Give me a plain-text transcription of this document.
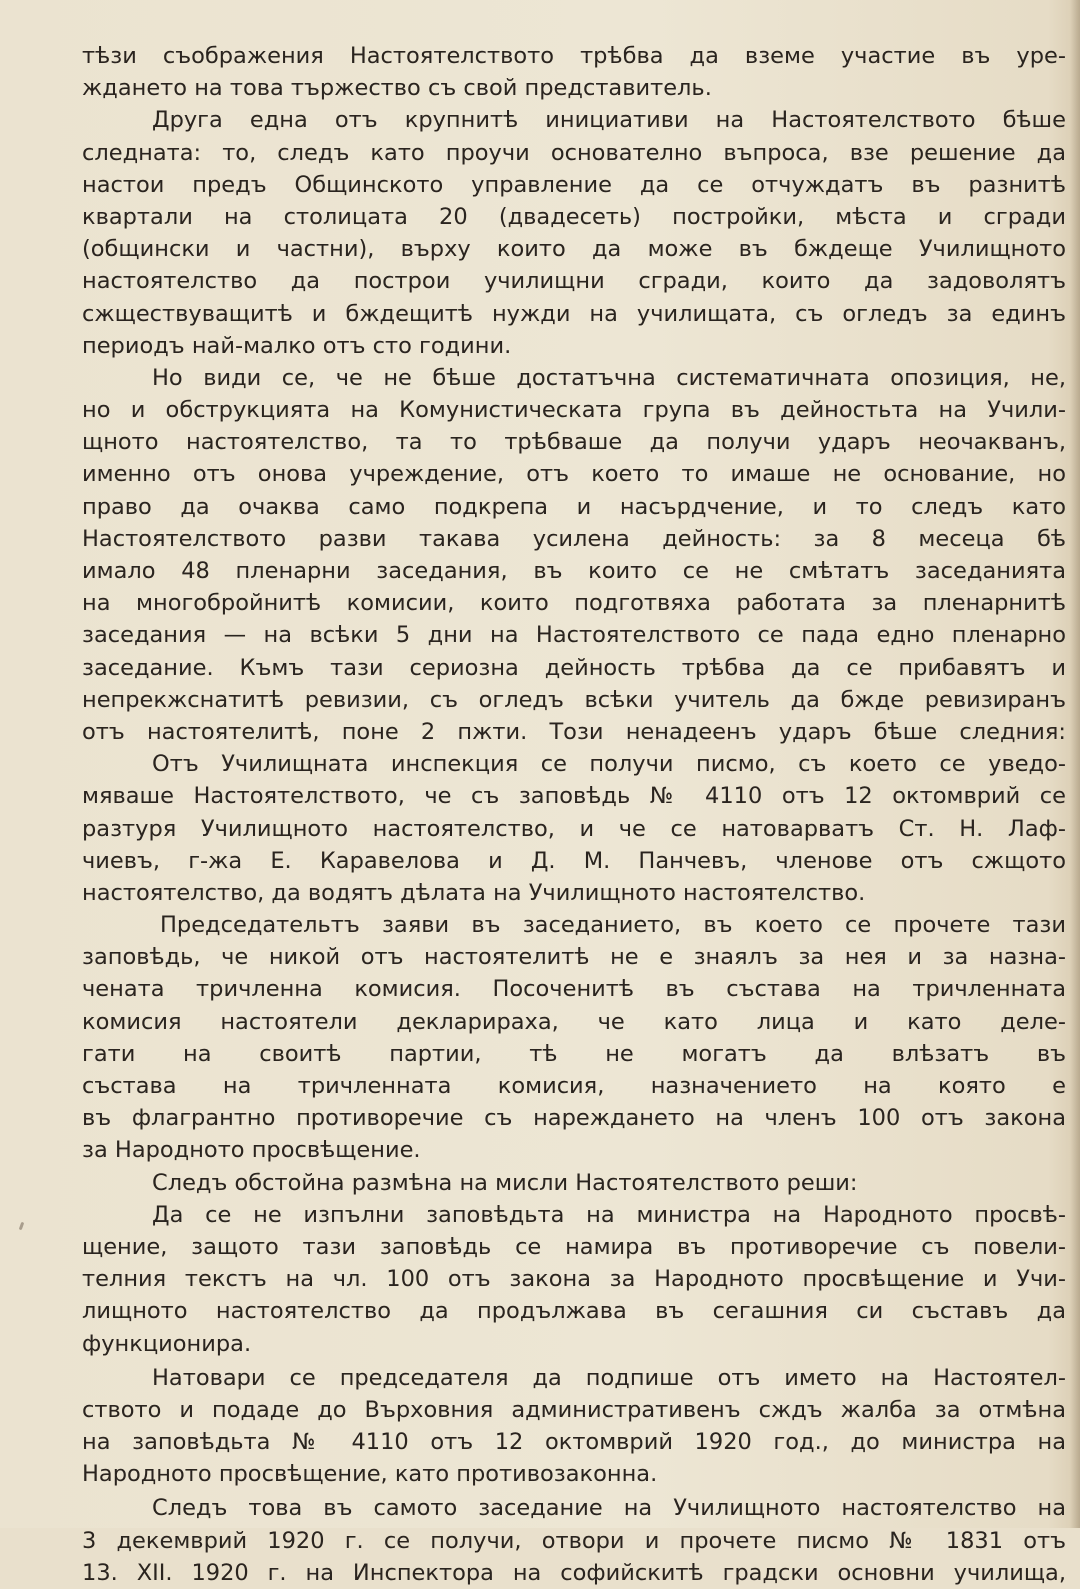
тѣзи съображения Настоятелството трѣбва да вземе участие въ уре-
ждането на това тържество съ свой представитель.
Друга една отъ крупнитѣ инициативи на Настоятелството бѣше
следната: то, следъ като проучи основателно въпроса, взе решение да
настои предъ Общинското управление да се отчуждатъ въ разнитѣ
квартали на столицата 20 (двадесеть) постройки, мѣста и сгради
(общински и частни), върху които да може въ бждеще Училищното
настоятелство да построи училищни сгради, които да задоволятъ
сжществуващитѣ и бждещитѣ нужди на училищата, съ огледъ за единъ
периодъ най-малко отъ сто години.
Но види се, че не бѣше достатъчна систематичната опозиция, не,
но и обструкцията на Комунистическата група въ дейностьта на Учили-
щното настоятелство, та то трѣбваше да получи ударъ неочакванъ,
именно отъ онова учреждение, отъ което то имаше не основание, но
право да очаква само подкрепа и насърдчение, и то следъ като
Настоятелството разви такава усилена дейность: за 8 месеца бѣ
имало 48 пленарни заседания, въ които се не смѣтатъ заседанията
на многобройнитѣ комисии, които подготвяха работата за пленарнитѣ
заседания — на всѣки 5 дни на Настоятелството се пада едно пленарно
заседание. Къмъ тази сериозна дейность трѣбва да се прибавятъ и
непрекжснатитѣ ревизии, съ огледъ всѣки учитель да бжде ревизиранъ
отъ настоятелитѣ, поне 2 пжти. Този ненадеенъ ударъ бѣше следния:
Отъ Училищната инспекция се получи писмо, съ което се уведо-
мяваше Настоятелството, че съ заповѣдь № 4110 отъ 12 октомврий се
разтуря Училищното настоятелство, и че се натоварватъ Ст. Н. Лаф-
чиевъ, г-жа Е. Каравелова и Д. М. Панчевъ, членове отъ сжщото
настоятелство, да водятъ дѣлата на Училищното настоятелство.
Председательтъ заяви въ заседанието, въ което се прочете тази
заповѣдь, че никой отъ настоятелитѣ не е знаялъ за нея и за назна-
чената тричленна комисия. Посоченитѣ въ състава на тричленната
комисия настоятели декларираха, че като лица и като деле-
гати на своитѣ партии, тѣ не могатъ да влѣзатъ въ
състава на тричленната комисия, назначението на която е
въ флагрантно противоречие съ нареждането на членъ 100 отъ закона
за Народното просвѣщение.
Следъ обстойна размѣна на мисли Настоятелството реши:
Да се не изпълни заповѣдьта на министра на Народното просвѣ-
щение, защото тази заповѣдь се намира въ противоречие съ повели-
телния текстъ на чл. 100 отъ закона за Народното просвѣщение и Учи-
лищното настоятелство да продължава въ сегашния си съставъ да
функционира.
Натовари се председателя да подпише отъ името на Настоятел-
ството и подаде до Върховния административенъ сждъ жалба за отмѣна
на заповѣдьта № 4110 отъ 12 октомврий 1920 год., до министра на
Народното просвѣщение, като противозаконна.
Следъ това въ самото заседание на Училищното настоятелство на
3 декемврий 1920 г. се получи, отвори и прочете писмо № 1831 отъ
13. XII. 1920 г. на Инспектора на софийскитѣ градски основни училища,
